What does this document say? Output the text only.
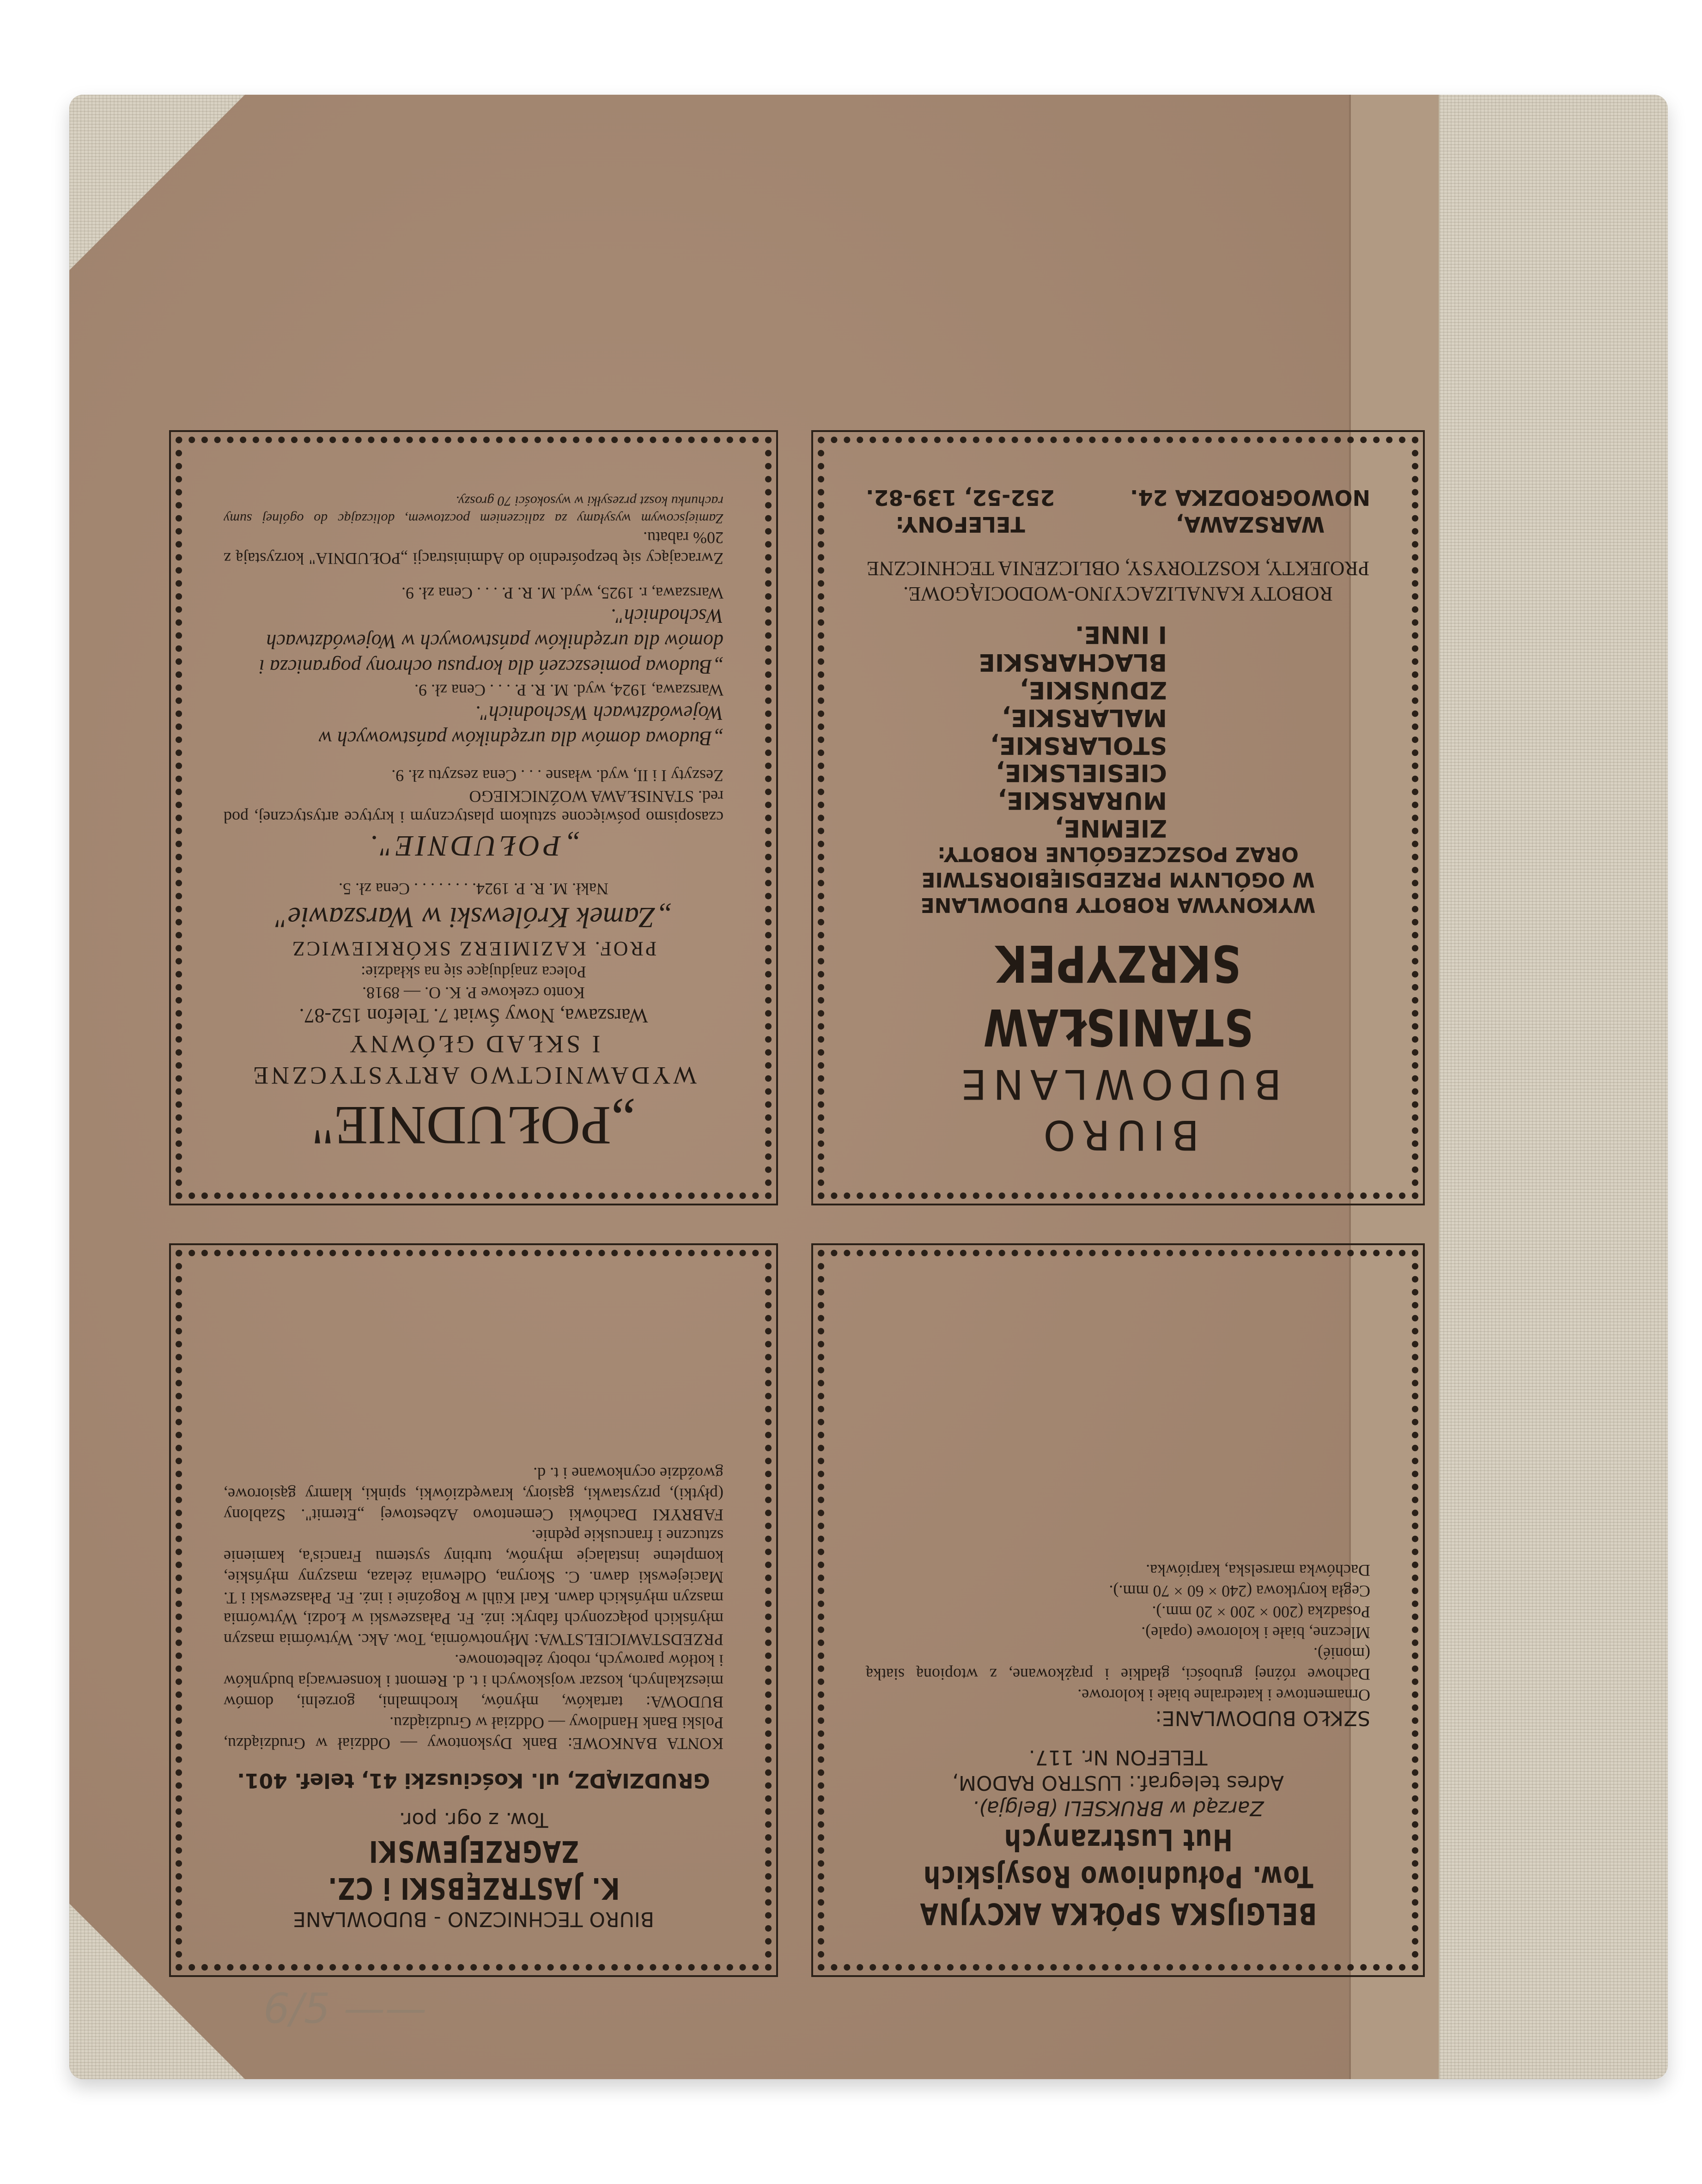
BELGIJSKA SPÓŁKA AKCYJNA
Tow. Południowo Rosyjskich Hut Lustrzanych
Zarząd w BRUKSELI (Belgja).
Adres telegraf.: LUSTRO RADOM,
TELEFON Nr. 117.
SZKŁO BUDOWLANE:
Ornamentowe i katedralne białe i kolorowe.
Dachowe różnej grubości, gładkie i prążkowane, z wtopioną siatką (monié).
Mleczne, białe i kolorowe (opale).
Posadzka (200 × 200 × 20 mm.).
Cegła korytkowa (240 × 60 × 70 mm.).
Dachówka marselska, karpiówka.
BIURO TECHNICZNO - BUDOWLANE
K. JASTRZĘBSKI i CZ. ZAGRZEJEWSKI
Tow. z ogr. por.
GRUDZIĄDZ, ul. Kościuszki 41, telef. 401.
KONTA BANKOWE: Bank Dyskontowy — Oddział w Grudziądzu, Polski Bank Handlowy — Oddział w Grudziądzu.
BUDOWA: tartaków, młynów, krochmalni, gorzelni, domów mieszkalnych, koszar wojskowych i t. d. Remont i konserwacja budynków i kotłów parowych, roboty żelbetonowe.
PRZEDSTAWICIELSTWA: Młynotwórnia, Tow. Akc. Wytwórnia maszyn młyńskich połączonych fabryk: inż. Fr. Pałaszewski w Łodzi, Wytwórnia maszyn młyńskich dawn. Karl Kühl w Rogoźnie i inż. Fr. Pałaszewski i T. Maciejewski dawn. C. Skoryna, Odlewnia żelaza, maszyny młyńskie, kompletne instalacje młynów, turbiny systemu Francis'a, kamienie sztuczne i francuskie pędnie.
FABRYKI Dachówki Cementowo Azbestowej „Eternit". Szablony (płytki), przystawki, gąsiory, krawędziówki, spinki, klamry gąsiorowe, gwoździe ocynkowane i t. d.
BIURO BUDOWLANE
STANISŁAW SKRZYPEK
WYKONYWA ROBOTY BUDOWLANE
W OGÓLNYM PRZEDSIĘBIORSTWIE
ORAZ POSZCZEGÓLNE ROBOTY:
ZIEMNE,
MURARSKIE,
CIESIELSKIE,
STOLARSKIE,
MALARSKIE,
ZDUŃSKIE,
BLACHARSKIE
I INNE.
ROBOTY KANALIZACYJNO-WODOCIĄGOWE.
PROJEKTY, KOSZTORYSY, OBLICZENIA TECHNICZNE
WARSZAWA,
NOWOGRODZKA 24.
TELEFONY:
252-52, 139-82.
„POŁUDNIE"
WYDAWNICTWO ARTYSTYCZNE
I SKŁAD GŁÓWNY
Warszawa, Nowy Świat 7. Telefon 152-87.
Konto czekowe P. K. O. — 8918.
Poleca znajdujące się na składzie:
PROF. KAZIMIERZ SKÓRKIEWICZ
„Zamek Królewski w Warszawie"
Nakł. M. R. P. 1924. . . . . . . . Cena zł. 5.
„POŁUDNIE".
czasopismo poświęcone sztukom plastycznym i krytyce artystycznej, pod red. STANISŁAWA WOŹNICKIEGO
Zeszyty I i II, wyd. własne . . . Cena zeszytu zł. 9.
„Budowa domów dla urzędników państwowych w Województwach Wschodnich".
Warszawa, 1924, wyd. M. R. P. . . . Cena zł. 9.
„Budowa pomieszczeń dla korpusu ochrony pogranicza i domów dla urzędników państwowych w Województwach Wschodnich".
Warszawa, r. 1925, wyd. M. R. P. . . . Cena zł. 9.
Zwracający się bezpośrednio do Administracji „POŁUDNIA" korzystają z 20% rabatu.
Zamiejscowym wysyłamy za zaliczeniem pocztowem, doliczając do ogólnej sumy rachunku koszt przesyłki w wysokości 70 groszy.
6/5 ——
